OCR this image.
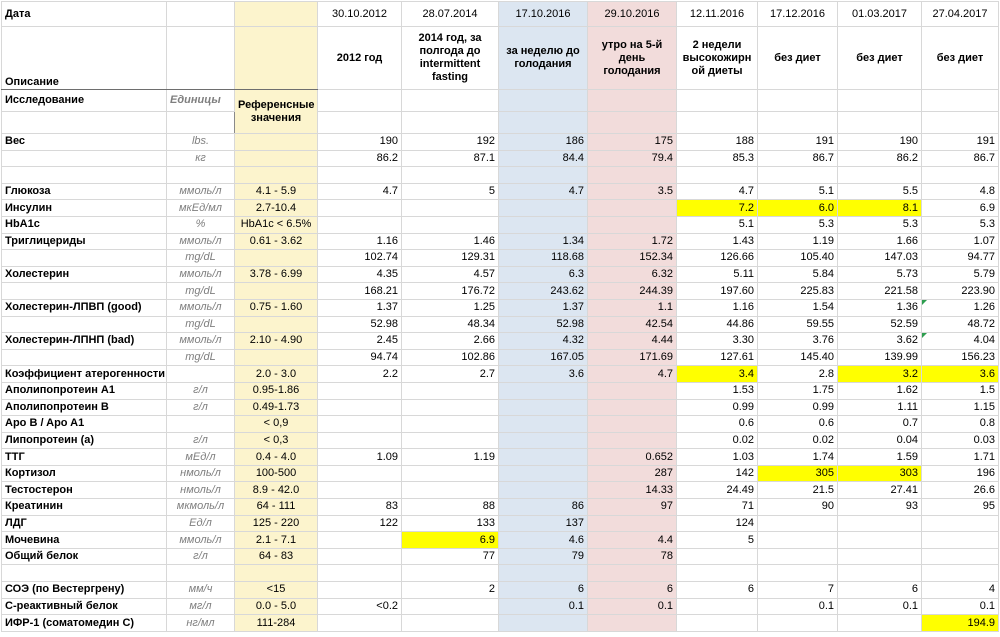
Дата			30.10.2012	28.07.2014	17.10.2016	29.10.2016	12.11.2016	17.12.2016	01.03.2017	27.04.2017
Описание			2012 год	2014 год, за полгода до intermittent fasting	за неделю до голодания	утро на 5-й день голодания	2 недели высокожирной диеты	без диет	без диет	без диет
Исследование	Единицы	Референсные значения								

Вес	lbs.		190	192	186	175	188	191	190	191
	кг		86.2	87.1	84.4	79.4	85.3	86.7	86.2	86.7

Глюкоза	ммоль/л	4.1 - 5.9	4.7	5	4.7	3.5	4.7	5.1	5.5	4.8
Инсулин	мкЕд/мл	2.7-10.4					7.2	6.0	8.1	6.9
HbA1c	%	HbA1c < 6.5%					5.1	5.3	5.3	5.3
Триглицериды	ммоль/л	0.61 - 3.62	1.16	1.46	1.34	1.72	1.43	1.19	1.66	1.07
	mg/dL		102.74	129.31	118.68	152.34	126.66	105.40	147.03	94.77
Холестерин	ммоль/л	3.78 - 6.99	4.35	4.57	6.3	6.32	5.11	5.84	5.73	5.79
	mg/dL		168.21	176.72	243.62	244.39	197.60	225.83	221.58	223.90
Холестерин-ЛПВП (good)	ммоль/л	0.75 - 1.60	1.37	1.25	1.37	1.1	1.16	1.54	1.36	1.26
	mg/dL		52.98	48.34	52.98	42.54	44.86	59.55	52.59	48.72
Холестерин-ЛПНП (bad)	ммоль/л	2.10 - 4.90	2.45	2.66	4.32	4.44	3.30	3.76	3.62	4.04
	mg/dL		94.74	102.86	167.05	171.69	127.61	145.40	139.99	156.23
Коэффициент атерогенности		2.0 - 3.0	2.2	2.7	3.6	4.7	3.4	2.8	3.2	3.6
Аполипопротеин А1	г/л	0.95-1.86					1.53	1.75	1.62	1.5
Аполипопротеин В	г/л	0.49-1.73					0.99	0.99	1.11	1.15
Apo B / Apo A1		< 0,9					0.6	0.6	0.7	0.8
Липопротеин (a)	г/л	< 0,3					0.02	0.02	0.04	0.03
ТТГ	мЕд/л	0.4 - 4.0	1.09	1.19		0.652	1.03	1.74	1.59	1.71
Кортизол	нмоль/л	100-500				287	142	305	303	196
Тестостерон	нмоль/л	8.9 - 42.0				14.33	24.49	21.5	27.41	26.6
Креатинин	мкмоль/л	64 - 111	83	88	86	97	71	90	93	95
ЛДГ	Ед/л	125 - 220	122	133	137		124			
Мочевина	ммоль/л	2.1 - 7.1		6.9	4.6	4.4	5			
Общий белок	г/л	64 - 83		77	79	78				

СОЭ (по Вестергрену)	мм/ч	<15		2	6	6	6	7	6	4
С-реактивный белок	мг/л	0.0 - 5.0	<0.2		0.1	0.1		0.1	0.1	0.1
ИФР-1 (соматомедин C)	нг/мл	111-284								194.9
